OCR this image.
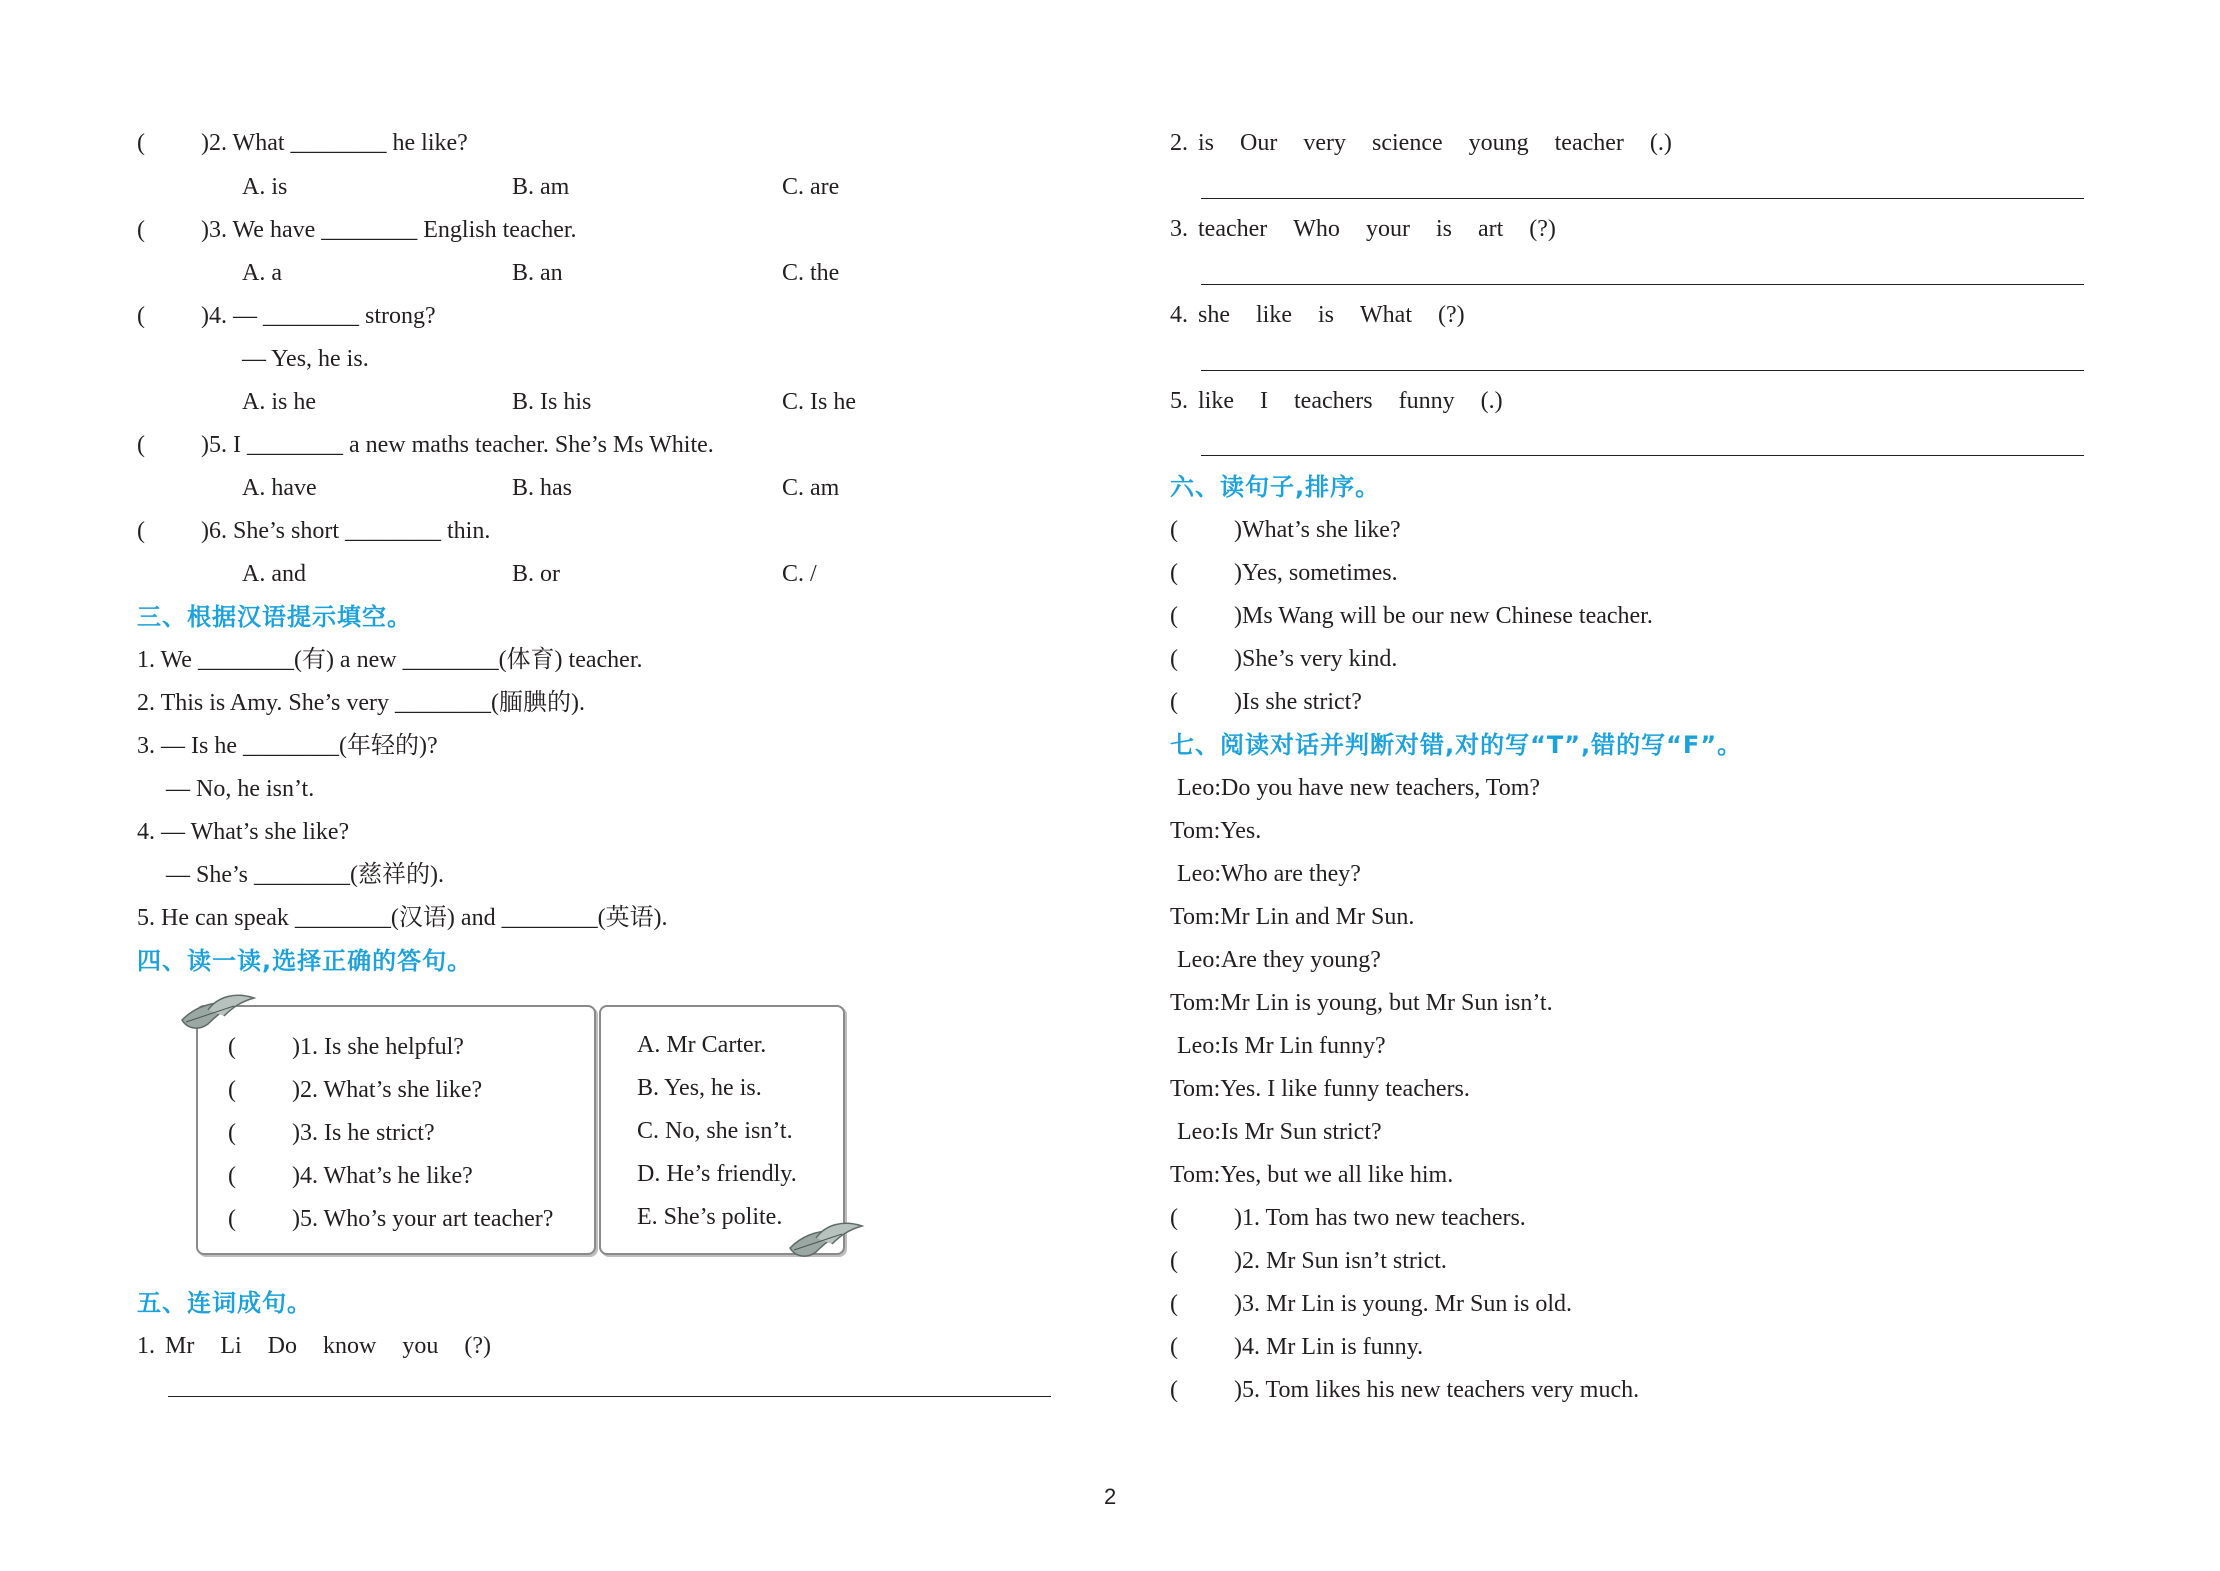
( )2. What ________ he like?
A. is	B. am	C. are
( )3. We have ________ English teacher.
A. a	B. an	C. the
( )4. — ________ strong?
— Yes, he is.
A. is he	B. Is his	C. Is he
( )5. I ________ a new maths teacher. She’s Ms White.
A. have	B. has	C. am
( )6. She’s short ________ thin.
A. and	B. or	C. /
三、根据汉语提示填空。
1. We ________(有) a new ________(体育) teacher.
2. This is Amy. She’s very ________(腼腆的).
3. — Is he ________(年轻的)?
— No, he isn’t.
4. — What’s she like?
— She’s ________(慈祥的).
5. He can speak ________(汉语) and ________(英语).
四、读一读,选择正确的答句。
( )1. Is she helpful?
( )2. What’s she like?
( )3. Is he strict?
( )4. What’s he like?
( )5. Who’s your art teacher?
A. Mr Carter.
B. Yes, he is.
C. No, she isn’t.
D. He’s friendly.
E. She’s polite.
五、连词成句。
1. Mr Li Do know you (?)
2. is Our very science young teacher (.)
3. teacher Who your is art (?)
4. she like is What (?)
5. like I teachers funny (.)
六、读句子,排序。
( )What’s she like?
( )Yes, sometimes.
( )Ms Wang will be our new Chinese teacher.
( )She’s very kind.
( )Is she strict?
七、阅读对话并判断对错,对的写“T”,错的写“F”。
Leo:Do you have new teachers, Tom?
Tom:Yes.
Leo:Who are they?
Tom:Mr Lin and Mr Sun.
Leo:Are they young?
Tom:Mr Lin is young, but Mr Sun isn’t.
Leo:Is Mr Lin funny?
Tom:Yes. I like funny teachers.
Leo:Is Mr Sun strict?
Tom:Yes, but we all like him.
( )1. Tom has two new teachers.
( )2. Mr Sun isn’t strict.
( )3. Mr Lin is young. Mr Sun is old.
( )4. Mr Lin is funny.
( )5. Tom likes his new teachers very much.
2
